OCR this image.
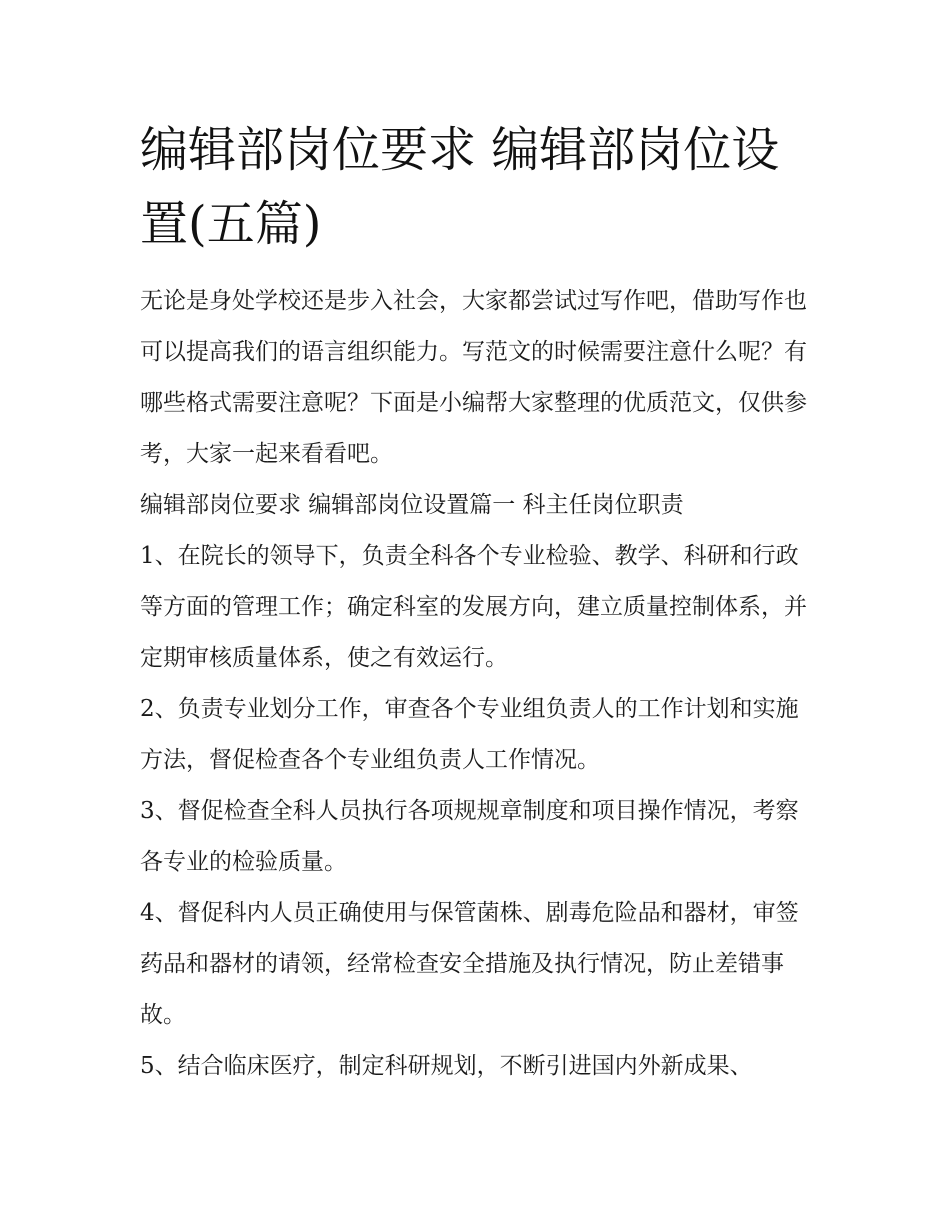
编辑部岗位要求 编辑部岗位设置(五篇)

无论是身处学校还是步入社会，大家都尝试过写作吧，借助写作也可以提高我们的语言组织能力。写范文的时候需要注意什么呢？有哪些格式需要注意呢？下面是小编帮大家整理的优质范文，仅供参考，大家一起来看看吧。

编辑部岗位要求 编辑部岗位设置篇一 科主任岗位职责

1、在院长的领导下，负责全科各个专业检验、教学、科研和行政等方面的管理工作；确定科室的发展方向，建立质量控制体系，并定期审核质量体系，使之有效运行。

2、负责专业划分工作，审查各个专业组负责人的工作计划和实施方法，督促检查各个专业组负责人工作情况。

3、督促检查全科人员执行各项规规章制度和项目操作情况，考察各专业的检验质量。

4、督促科内人员正确使用与保管菌株、剧毒危险品和器材，审签药品和器材的请领，经常检查安全措施及执行情况，防止差错事故。

5、结合临床医疗，制定科研规划，不断引进国内外新成果、
